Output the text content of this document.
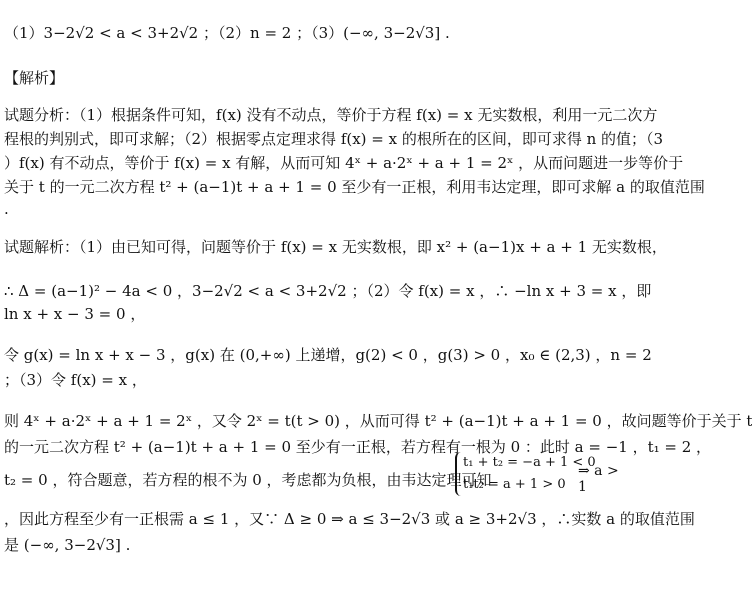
（1）3−2√2 < a < 3+2√2 ；（2）n = 2 ；（3）(−∞, 3−2√3] .
【解析】
试题分析：（1）根据条件可知，f(x) 没有不动点，等价于方程 f(x) = x 无实数根，利用一元二次方
程根的判别式，即可求解；（2）根据零点定理求得 f(x) = x 的根所在的区间，即可求得 n 的值；（3
）f(x) 有不动点，等价于 f(x) = x 有解，从而可知 4ˣ + a·2ˣ + a + 1 = 2ˣ ，从而问题进一步等价于
关于 t 的一元二次方程 t² + (a−1)t + a + 1 = 0 至少有一正根，利用韦达定理，即可求解 a 的取值范围
.
试题解析：（1）由已知可得，问题等价于 f(x) = x 无实数根，即 x² + (a−1)x + a + 1 无实数根，
∴ Δ = (a−1)² − 4a < 0 ，3−2√2 < a < 3+2√2 ；（2）令 f(x) = x ，∴ −ln x + 3 = x ，即
ln x + x − 3 = 0 ，
令 g(x) = ln x + x − 3 ，g(x) 在 (0,+∞) 上递增，g(2) < 0 ，g(3) > 0 ，x₀ ∈ (2,3) ，n = 2
；（3）令 f(x) = x ，
则 4ˣ + a·2ˣ + a + 1 = 2ˣ ，又令 2ˣ = t(t > 0) ，从而可得 t² + (a−1)t + a + 1 = 0 ，故问题等价于关于 t
的一元二次方程 t² + (a−1)t + a + 1 = 0 至少有一正根，若方程有一根为 0 ：此时 a = −1 ，t₁ = 2 ，
t₂ = 0 ，符合题意，若方程的根不为 0 ，考虑都为负根，由韦达定理可知
t₁ + t₂ = −a + 1 < 0
t₁t₂ = a + 1 > 0
⇒ a > 1
，因此方程至少有一正根需 a ≤ 1 ，又∵ Δ ≥ 0 ⇒ a ≤ 3−2√3 或 a ≥ 3+2√3 ，∴实数 a 的取值范围
是 (−∞, 3−2√3] .
